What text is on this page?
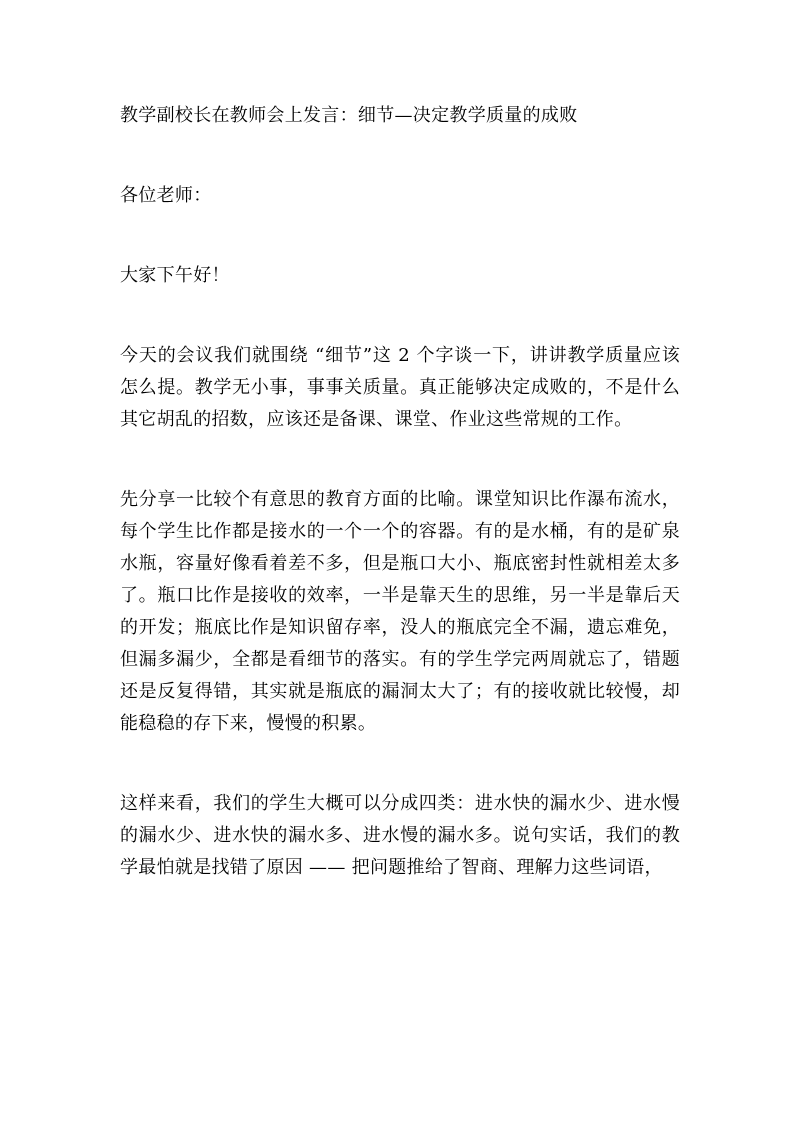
教学副校长在教师会上发言：细节—决定教学质量的成败

各位老师：

大家下午好！

今天的会议我们就围绕 “细节”这 2 个字谈一下，讲讲教学质量应该怎么提。教学无小事，事事关质量。真正能够决定成败的，不是什么其它胡乱的招数，应该还是备课、课堂、作业这些常规的工作。

先分享一比较个有意思的教育方面的比喻。课堂知识比作瀑布流水，每个学生比作都是接水的一个一个的容器。有的是水桶，有的是矿泉水瓶，容量好像看着差不多，但是瓶口大小、瓶底密封性就相差太多了。瓶口比作是接收的效率，一半是靠天生的思维，另一半是靠后天的开发；瓶底比作是知识留存率，没人的瓶底完全不漏，遗忘难免，但漏多漏少，全都是看细节的落实。有的学生学完两周就忘了，错题还是反复得错，其实就是瓶底的漏洞太大了；有的接收就比较慢，却能稳稳的存下来，慢慢的积累。

这样来看，我们的学生大概可以分成四类：进水快的漏水少、进水慢的漏水少、进水快的漏水多、进水慢的漏水多。说句实话，我们的教学最怕就是找错了原因 —— 把问题推给了智商、理解力这些词语，
